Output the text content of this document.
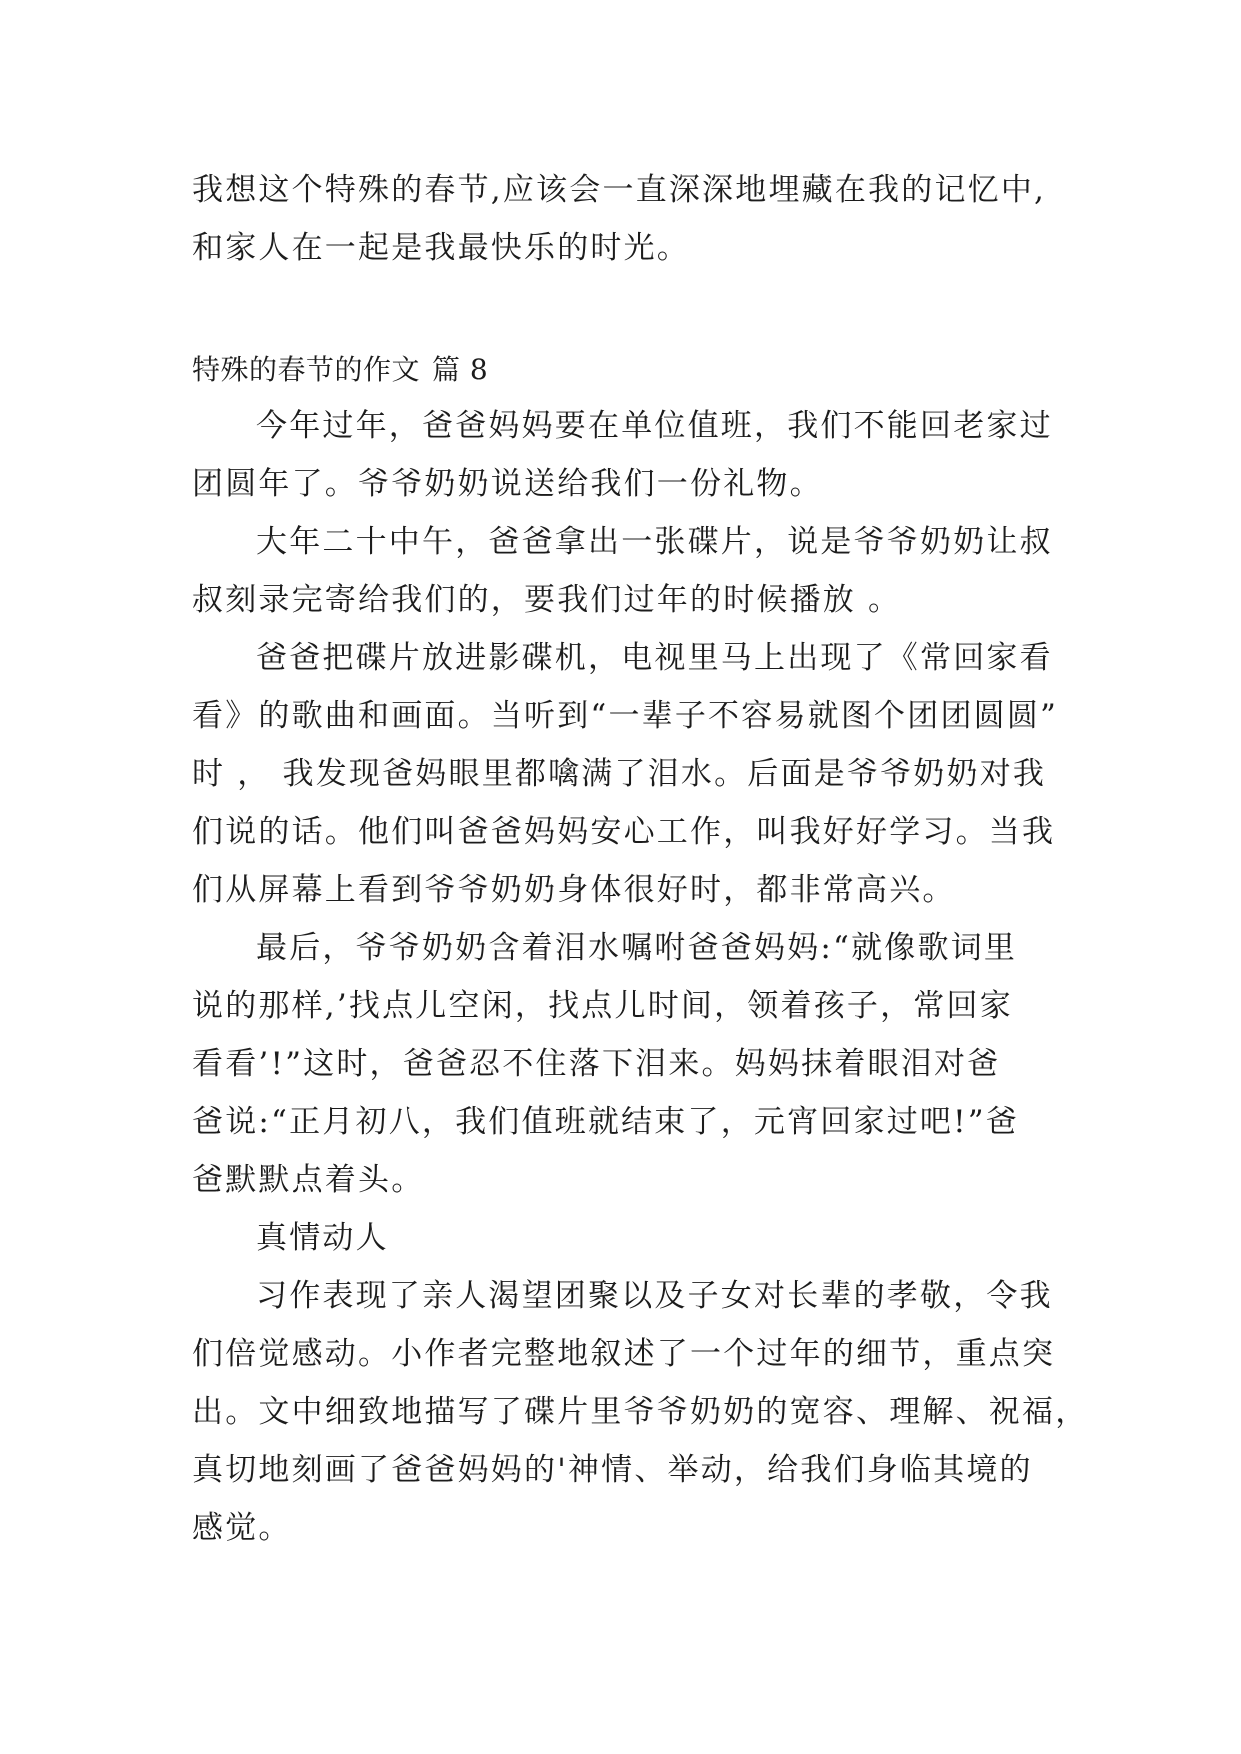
我想这个特殊的春节,应该会一直深深地埋藏在我的记忆中,
和家人在一起是我最快乐的时光。
特殊的春节的作文 篇 8
今年过年，爸爸妈妈要在单位值班，我们不能回老家过
团圆年了。爷爷奶奶说送给我们一份礼物。
大年二十中午，爸爸拿出一张碟片，说是爷爷奶奶让叔
叔刻录完寄给我们的，要我们过年的时候播放 。
爸爸把碟片放进影碟机，电视里马上出现了《常回家看
看》的歌曲和画面。当听到“一辈子不容易就图个团团圆圆”
时 ， 我发现爸妈眼里都噙满了泪水。后面是爷爷奶奶对我
们说的话。他们叫爸爸妈妈安心工作，叫我好好学习。当我
们从屏幕上看到爷爷奶奶身体很好时，都非常高兴。
最后，爷爷奶奶含着泪水嘱咐爸爸妈妈:“就像歌词里
说的那样,’找点儿空闲，找点儿时间，领着孩子，常回家
看看’!”这时，爸爸忍不住落下泪来。妈妈抹着眼泪对爸
爸说:“正月初八，我们值班就结束了，元宵回家过吧!”爸
爸默默点着头。
真情动人
习作表现了亲人渴望团聚以及子女对长辈的孝敬，令我
们倍觉感动。小作者完整地叙述了一个过年的细节，重点突
出。文中细致地描写了碟片里爷爷奶奶的宽容、理解、祝福，
真切地刻画了爸爸妈妈的'神情、举动，给我们身临其境的
感觉。
